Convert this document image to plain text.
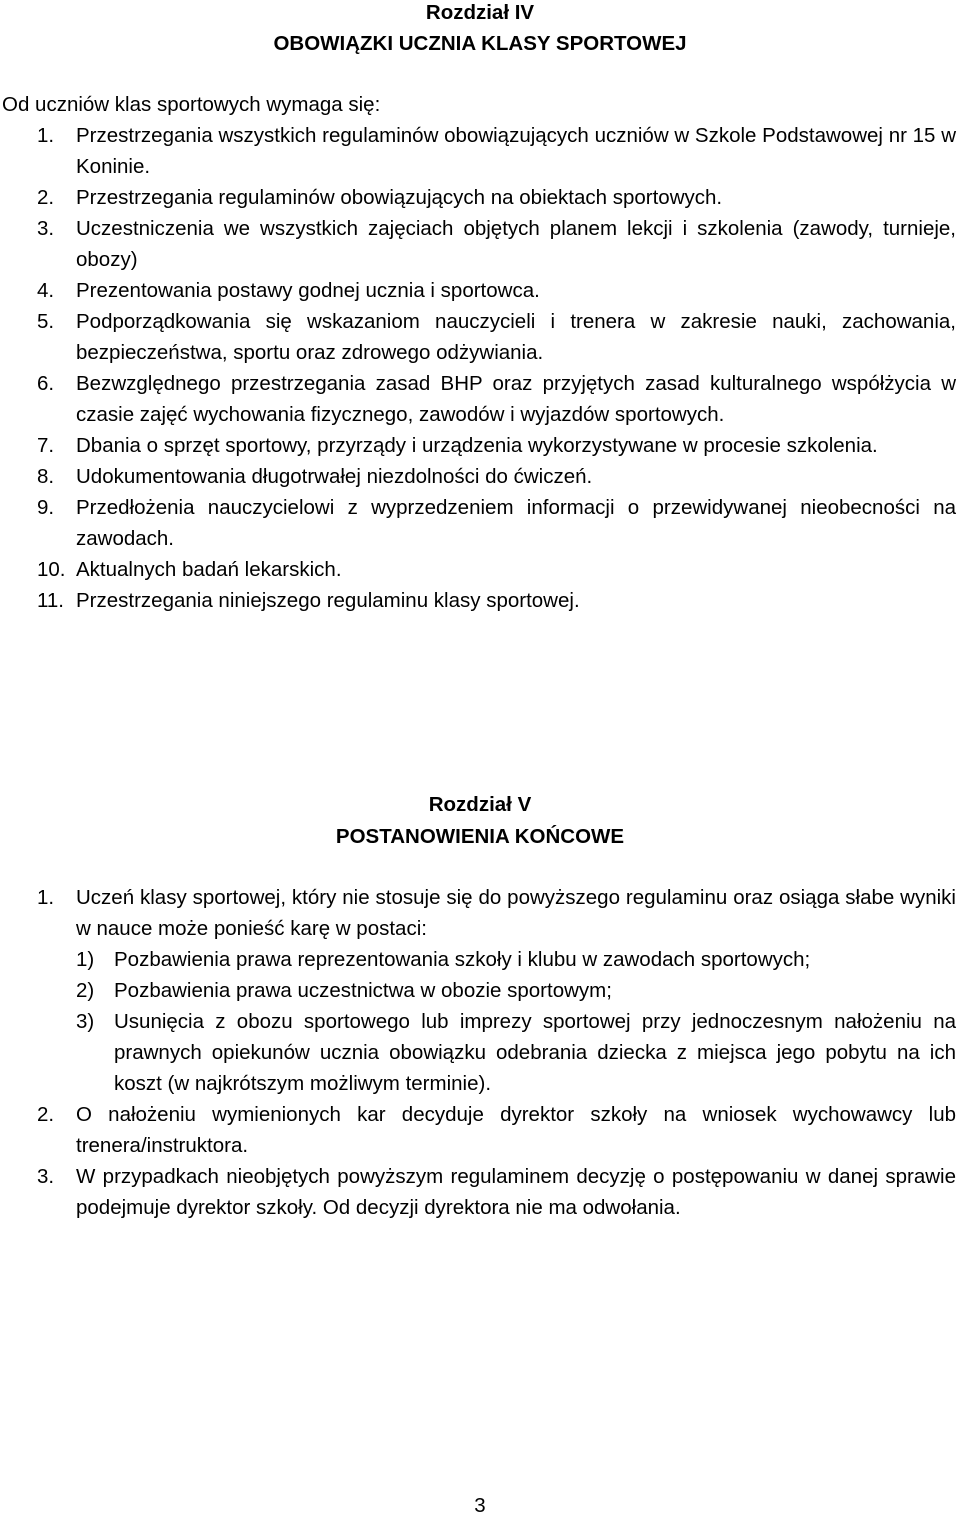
Rozdział IV
OBOWIĄZKI UCZNIA KLASY SPORTOWEJ
Od uczniów klas sportowych wymaga się:
1. Przestrzegania wszystkich regulaminów obowiązujących uczniów w Szkole Podstawowej nr 15 w Koninie.
2. Przestrzegania regulaminów obowiązujących na obiektach sportowych.
3. Uczestniczenia we wszystkich zajęciach objętych planem lekcji i szkolenia (zawody, turnieje, obozy)
4. Prezentowania postawy godnej ucznia i sportowca.
5. Podporządkowania się wskazaniom nauczycieli i trenera w zakresie nauki, zachowania, bezpieczeństwa, sportu oraz zdrowego odżywiania.
6. Bezwzględnego przestrzegania zasad BHP oraz przyjętych zasad kulturalnego współżycia w czasie zajęć wychowania fizycznego, zawodów i wyjazdów sportowych.
7. Dbania o sprzęt sportowy, przyrządy i urządzenia wykorzystywane w procesie szkolenia.
8. Udokumentowania długotrwałej niezdolności do ćwiczeń.
9. Przedłożenia nauczycielowi z wyprzedzeniem informacji o przewidywanej nieobecności na zawodach.
10. Aktualnych badań lekarskich.
11. Przestrzegania niniejszego regulaminu klasy sportowej.
Rozdział V
POSTANOWIENIA KOŃCOWE
1. Uczeń klasy sportowej, który nie stosuje się do powyższego regulaminu oraz osiąga słabe wyniki w nauce może ponieść karę w postaci:
1) Pozbawienia prawa reprezentowania szkoły i klubu w zawodach sportowych;
2) Pozbawienia prawa uczestnictwa w obozie sportowym;
3) Usunięcia z obozu sportowego lub imprezy sportowej przy jednoczesnym nałożeniu na prawnych opiekunów ucznia obowiązku odebrania dziecka z miejsca jego pobytu na ich koszt (w najkrótszym możliwym terminie).
2. O nałożeniu wymienionych kar decyduje dyrektor szkoły na wniosek wychowawcy lub trenera/instruktora.
3. W przypadkach nieobjętych powyższym regulaminem decyzję o postępowaniu w danej sprawie podejmuje dyrektor szkoły. Od decyzji dyrektora nie ma odwołania.
3
